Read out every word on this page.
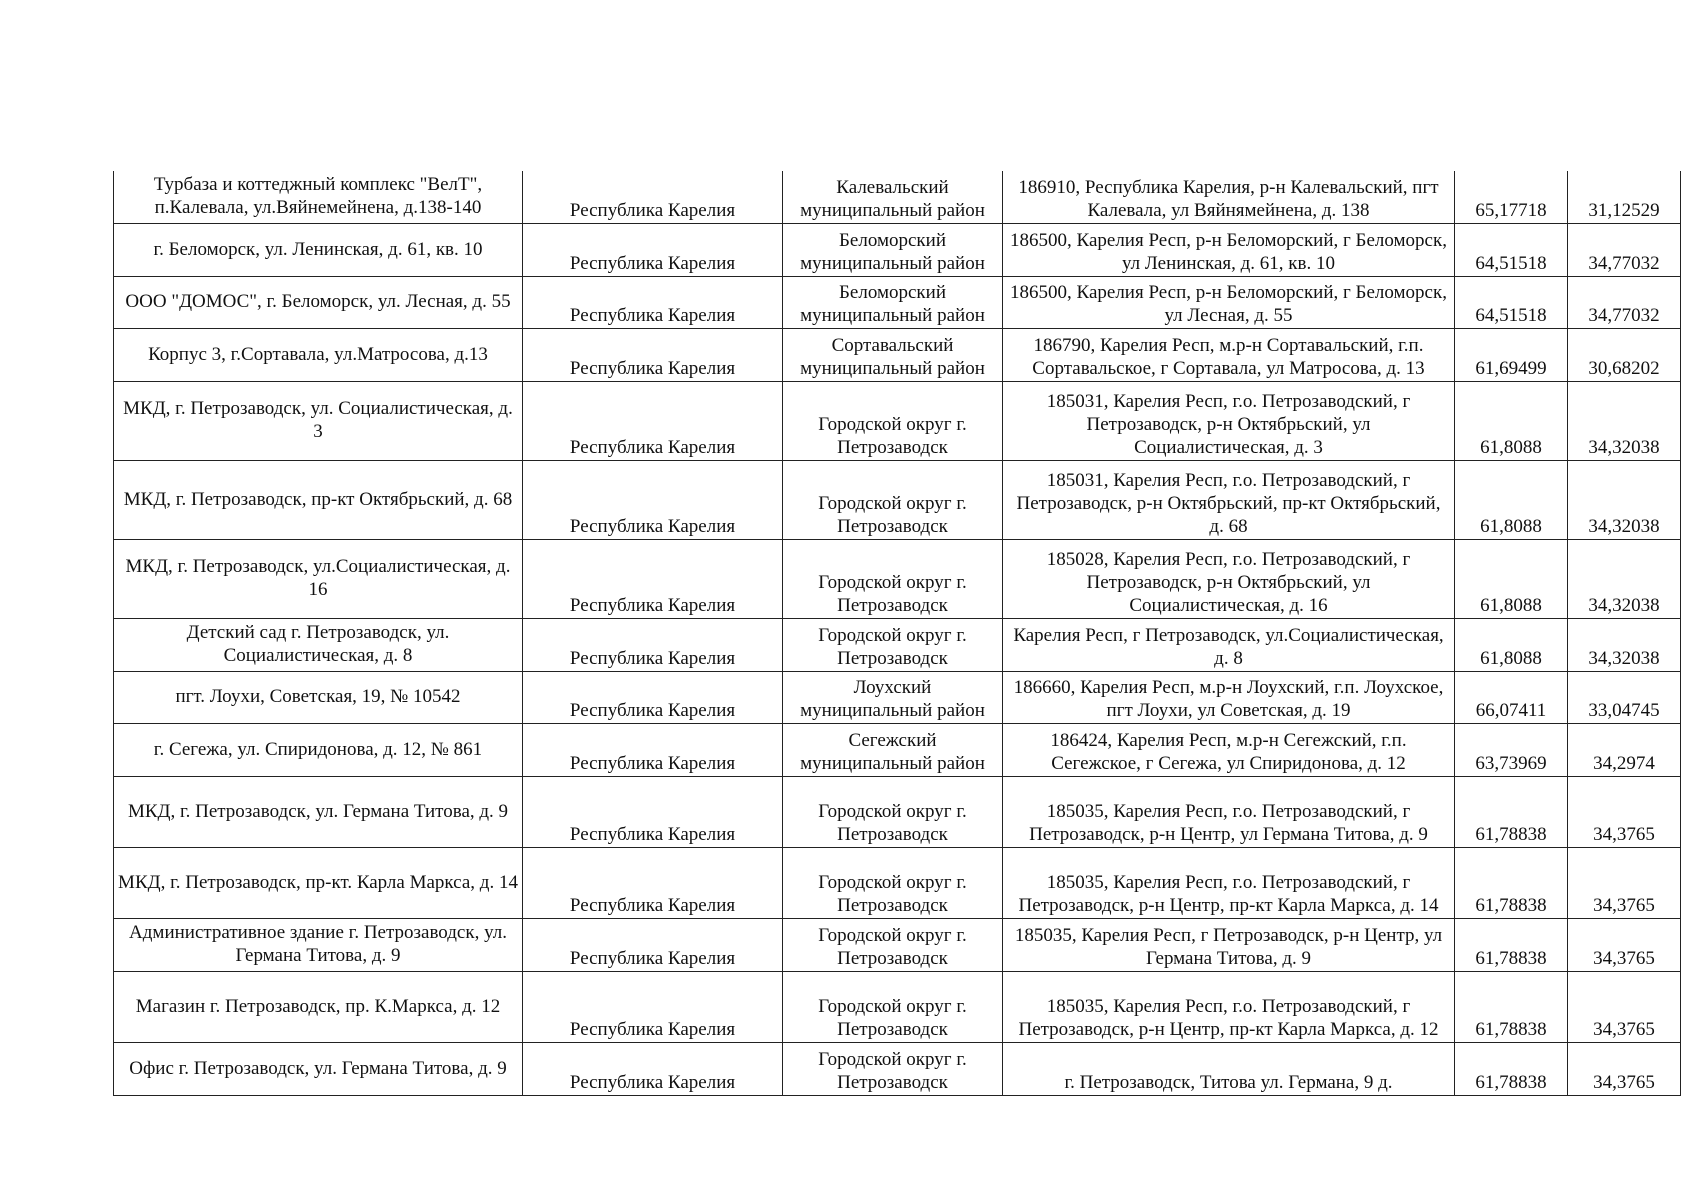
Турбаза и коттеджный комплекс "ВелТ", п.Калевала, ул.Вяйнемейнена, д.138-140	Республика Карелия	Калевальский муниципальный район	186910, Республика Карелия, р-н Калевальский, пгт Калевала, ул Вяйнямейнена, д. 138	65,17718	31,12529
г. Беломорск, ул. Ленинская, д. 61, кв. 10	Республика Карелия	Беломорский муниципальный район	186500, Карелия Респ, р-н Беломорский, г Беломорск, ул Ленинская, д. 61, кв. 10	64,51518	34,77032
ООО "ДОМОС", г. Беломорск, ул. Лесная, д. 55	Республика Карелия	Беломорский муниципальный район	186500, Карелия Респ, р-н Беломорский, г Беломорск, ул Лесная, д. 55	64,51518	34,77032
Корпус 3, г.Сортавала, ул.Матросова, д.13	Республика Карелия	Сортавальский муниципальный район	186790, Карелия Респ, м.р-н Сортавальский, г.п. Сортавальское, г Сортавала, ул Матросова, д. 13	61,69499	30,68202
МКД, г. Петрозаводск, ул. Социалистическая, д. 3	Республика Карелия	Городской округ г. Петрозаводск	185031, Карелия Респ, г.о. Петрозаводский, г Петрозаводск, р-н Октябрьский, ул Социалистическая, д. 3	61,8088	34,32038
МКД, г. Петрозаводск, пр-кт Октябрьский, д. 68	Республика Карелия	Городской округ г. Петрозаводск	185031, Карелия Респ, г.о. Петрозаводский, г Петрозаводск, р-н Октябрьский, пр-кт Октябрьский, д. 68	61,8088	34,32038
МКД, г. Петрозаводск, ул.Социалистическая, д. 16	Республика Карелия	Городской округ г. Петрозаводск	185028, Карелия Респ, г.о. Петрозаводский, г Петрозаводск, р-н Октябрьский, ул Социалистическая, д. 16	61,8088	34,32038
Детский сад г. Петрозаводск, ул. Социалистическая, д. 8	Республика Карелия	Городской округ г. Петрозаводск	Карелия Респ, г Петрозаводск, ул.Социалистическая, д. 8	61,8088	34,32038
пгт. Лоухи, Советская, 19, № 10542	Республика Карелия	Лоухский муниципальный район	186660, Карелия Респ, м.р-н Лоухский, г.п. Лоухское, пгт Лоухи, ул Советская, д. 19	66,07411	33,04745
г. Сегежа, ул. Спиридонова, д. 12, № 861	Республика Карелия	Сегежский муниципальный район	186424, Карелия Респ, м.р-н Сегежский, г.п. Сегежское, г Сегежа, ул Спиридонова, д. 12	63,73969	34,2974
МКД, г. Петрозаводск, ул. Германа Титова, д. 9	Республика Карелия	Городской округ г. Петрозаводск	185035, Карелия Респ, г.о. Петрозаводский, г Петрозаводск, р-н Центр, ул Германа Титова, д. 9	61,78838	34,3765
МКД, г. Петрозаводск, пр-кт. Карла Маркса, д. 14	Республика Карелия	Городской округ г. Петрозаводск	185035, Карелия Респ, г.о. Петрозаводский, г Петрозаводск, р-н Центр, пр-кт Карла Маркса, д. 14	61,78838	34,3765
Административное здание г. Петрозаводск, ул. Германа Титова, д. 9	Республика Карелия	Городской округ г. Петрозаводск	185035, Карелия Респ, г Петрозаводск, р-н Центр, ул Германа Титова, д. 9	61,78838	34,3765
Магазин г. Петрозаводск, пр. К.Маркса, д. 12	Республика Карелия	Городской округ г. Петрозаводск	185035, Карелия Респ, г.о. Петрозаводский, г Петрозаводск, р-н Центр, пр-кт Карла Маркса, д. 12	61,78838	34,3765
Офис г. Петрозаводск, ул. Германа Титова, д. 9	Республика Карелия	Городской округ г. Петрозаводск	г. Петрозаводск, Титова ул. Германа, 9 д.	61,78838	34,3765
